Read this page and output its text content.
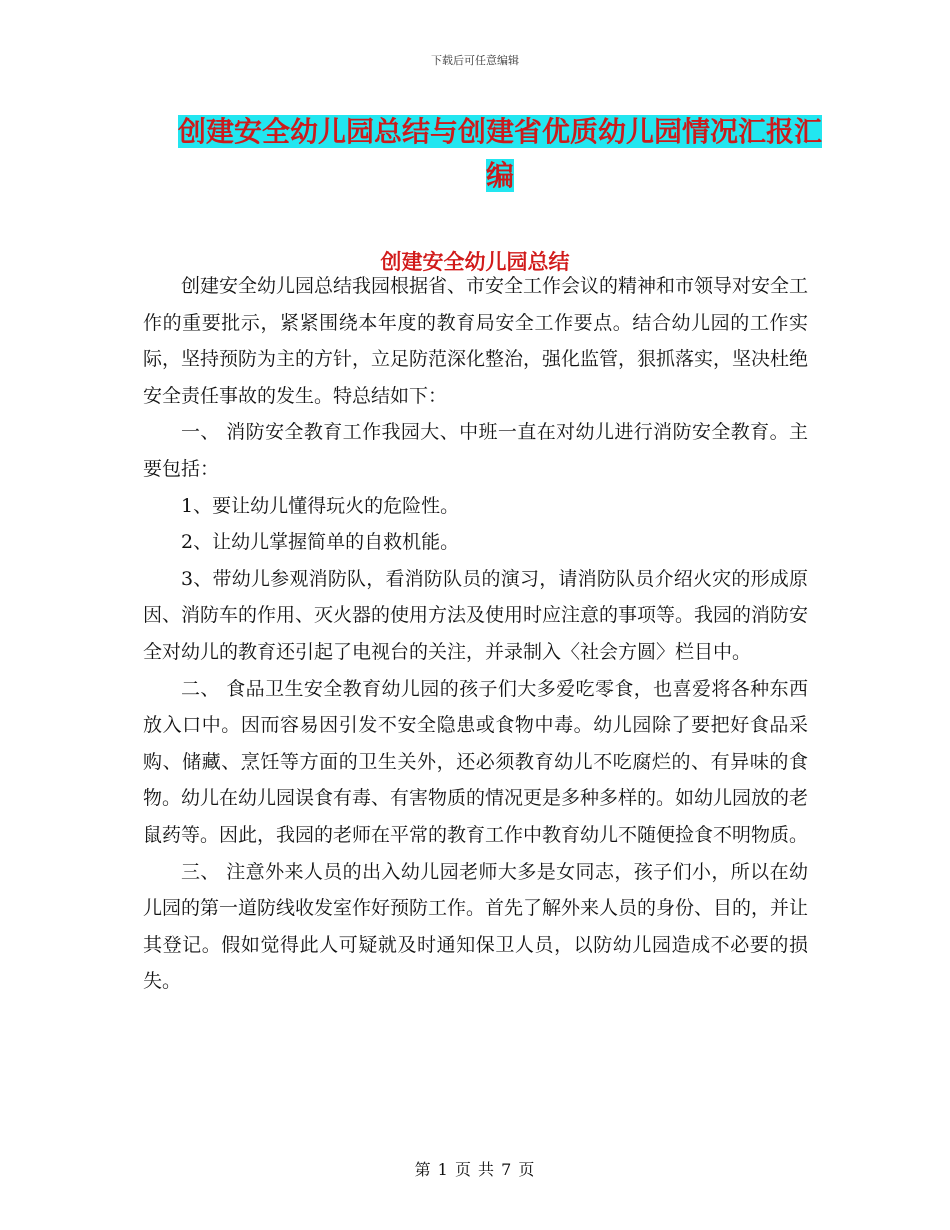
下载后可任意编辑
创建安全幼儿园总结与创建省优质幼儿园情况汇报汇
编
创建安全幼儿园总结

创建安全幼儿园总结我园根据省、市安全工作会议的精神和市领导对安全工作的重要批示，紧紧围绕本年度的教育局安全工作要点。结合幼儿园的工作实际，坚持预防为主的方针，立足防范深化整治，强化监管，狠抓落实，坚决杜绝安全责任事故的发生。特总结如下：

一、 消防安全教育工作我园大、中班一直在对幼儿进行消防安全教育。主要包括：

1、要让幼儿懂得玩火的危险性。

2、让幼儿掌握简单的自救机能。

3、带幼儿参观消防队，看消防队员的演习，请消防队员介绍火灾的形成原因、消防车的作用、灭火器的使用方法及使用时应注意的事项等。我园的消防安全对幼儿的教育还引起了电视台的关注，并录制入〈社会方圆〉栏目中。

二、 食品卫生安全教育幼儿园的孩子们大多爱吃零食，也喜爱将各种东西放入口中。因而容易因引发不安全隐患或食物中毒。幼儿园除了要把好食品采购、储藏、烹饪等方面的卫生关外，还必须教育幼儿不吃腐烂的、有异味的食物。幼儿在幼儿园误食有毒、有害物质的情况更是多种多样的。如幼儿园放的老鼠药等。因此，我园的老师在平常的教育工作中教育幼儿不随便捡食不明物质。

三、 注意外来人员的出入幼儿园老师大多是女同志，孩子们小，所以在幼儿园的第一道防线收发室作好预防工作。首先了解外来人员的身份、目的，并让其登记。假如觉得此人可疑就及时通知保卫人员，以防幼儿园造成不必要的损失。

第 1 页 共 7 页
